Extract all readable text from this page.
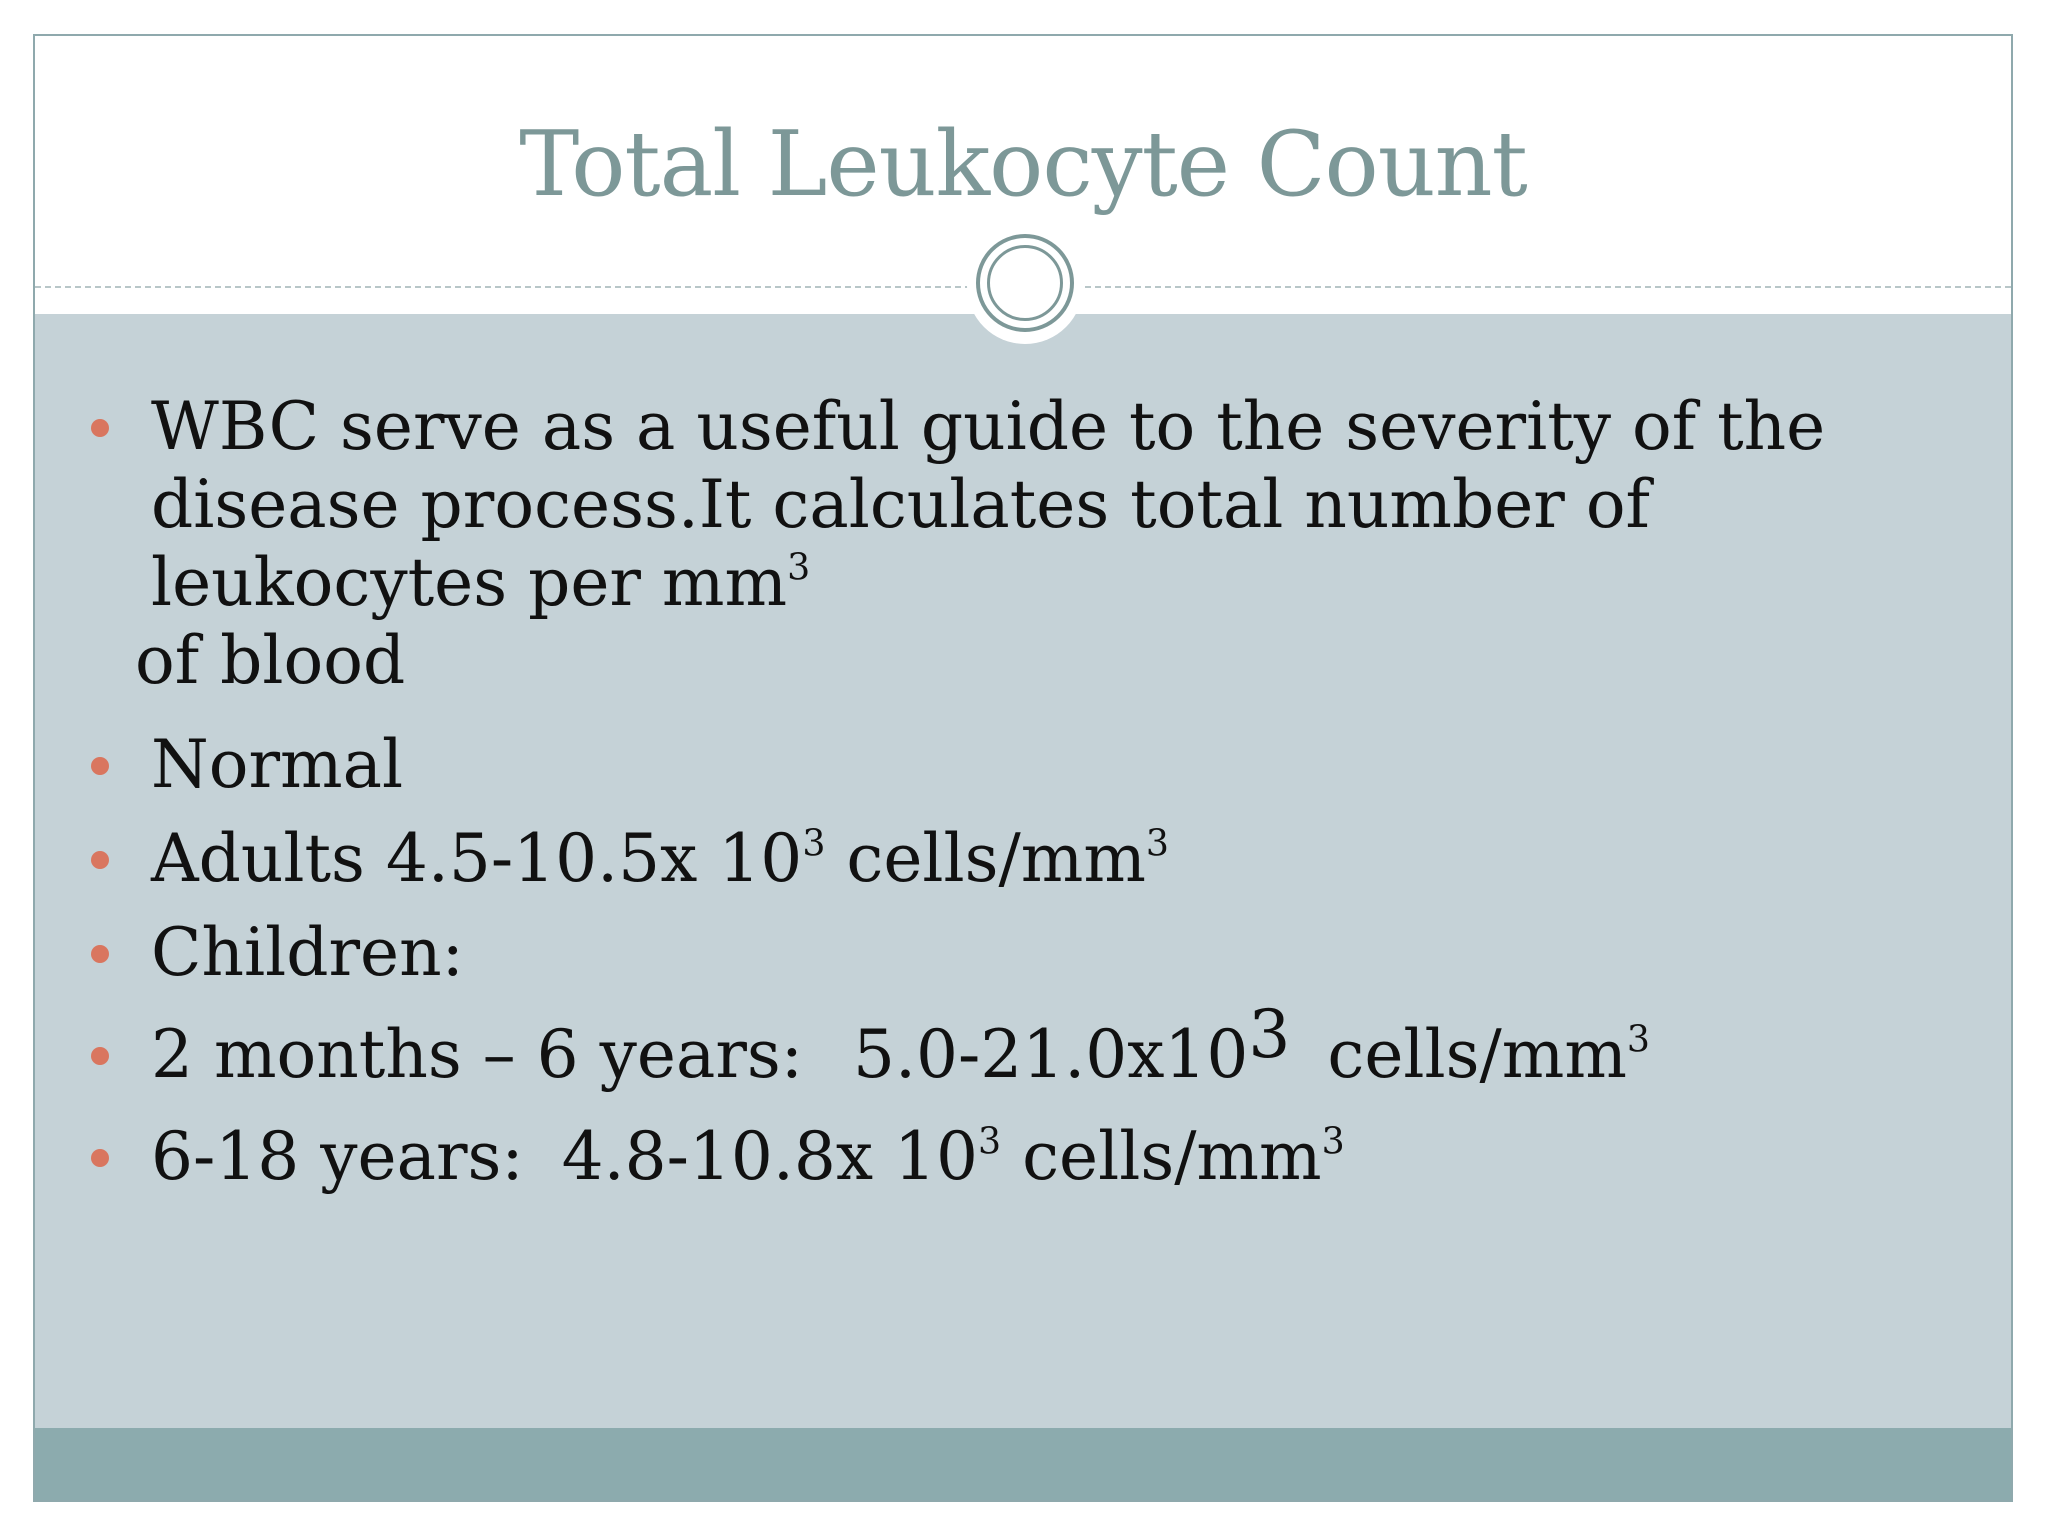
Total Leukocyte Count
WBC serve as a useful guide to the severity of the disease process.It calculates total number of leukocytes per $mm^3$
of blood
Normal
Adults 4.5-10.5x $10^3$ cells/$mm^3$
Children:
2 months – 6 years: 5.0-21.0x103 cells/$mm^3$
6-18 years: 4.8-10.8x $10^3$ cells/$mm^3$
